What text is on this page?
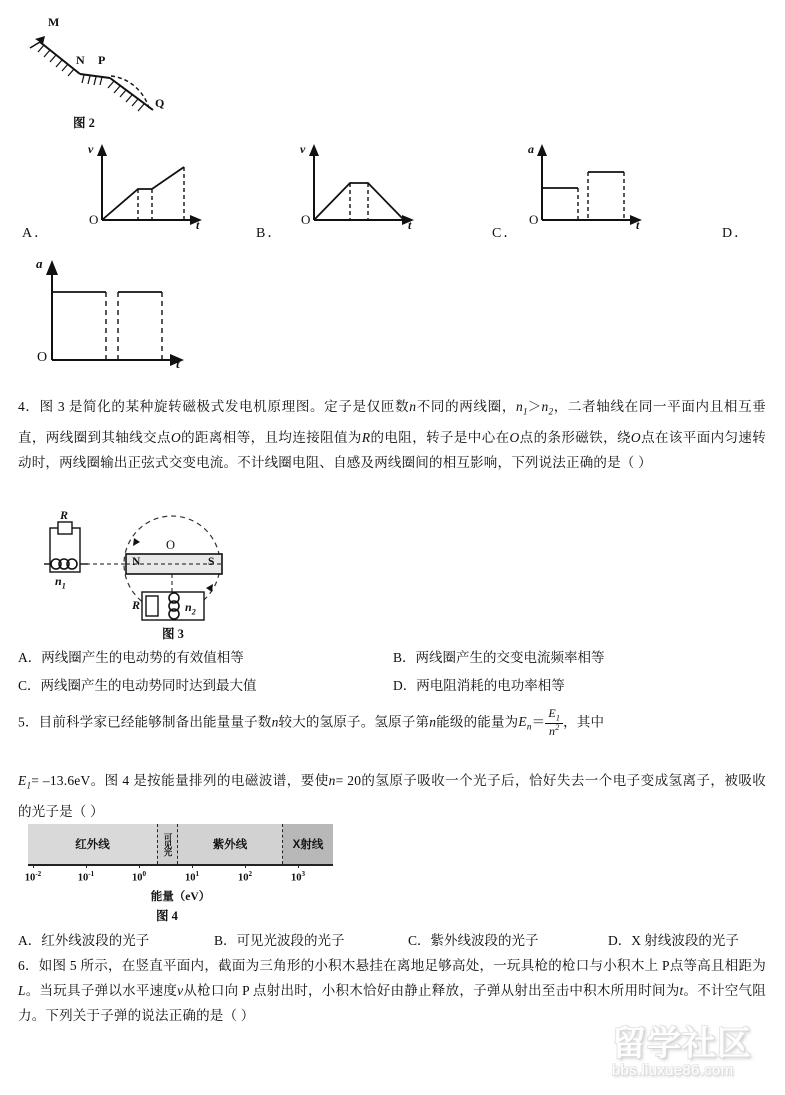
M
N P
Q
图 2
A．
v
t
O
B．
v
t
O
C．
a
t
O
D．
a
t
O
4．图 3 是简化的某种旋转磁极式发电机原理图。定子是仅匝数n不同的两线圈，$n_1>n_2$，二者轴线在同一平面内且相互垂直，两线圈到其轴线交点O的距离相等，且均连接阻值为R的电阻，转子是中心在O点的条形磁铁，绕O点在该平面内匀速转动时，两线圈输出正弦式交变电流。不计线圈电阻、自感及两线圈间的相互影响，下列说法正确的是（ ）
R
$n_1$
O
N	S
R	$n_2$
图 3
A．两线圈产生的电动势的有效值相等	B．两线圈产生的交变电流频率相等
C．两线圈产生的电动势同时达到最大值	D．两电阻消耗的电功率相等
5．目前科学家已经能够制备出能量量子数n较大的氢原子。氢原子第n能级的能量为$E_n= \frac{E_1}{n^2}$ ，其中
$E_1= -13.6eV$。图 4 是按能量排列的电磁波谱，要使n= 20的氢原子吸收一个光子后，恰好失去一个电子变成氢离子，被吸收的光子是（ ）
红外线	可见光	紫外线	X射线
$10^{-2}$	$10^{-1}$	$10^0$	$10^1$	$10^2$	$10^3$
能量（eV）
图 4
A．红外线波段的光子	B．可见光波段的光子	C．紫外线波段的光子	D．X 射线波段的光子
6．如图 5 所示，在竖直平面内，截面为三角形的小积木悬挂在离地足够高处，一玩具枪的枪口与小积木上 P点等高且相距为L。当玩具子弹以水平速度v从枪口向 P 点射出时，小积木恰好由静止释放，子弹从射出至击中积木所用时间为t。不计空气阻力。下列关于子弹的说法正确的是（ ）
留学社区
bbs.liuxue86.com
